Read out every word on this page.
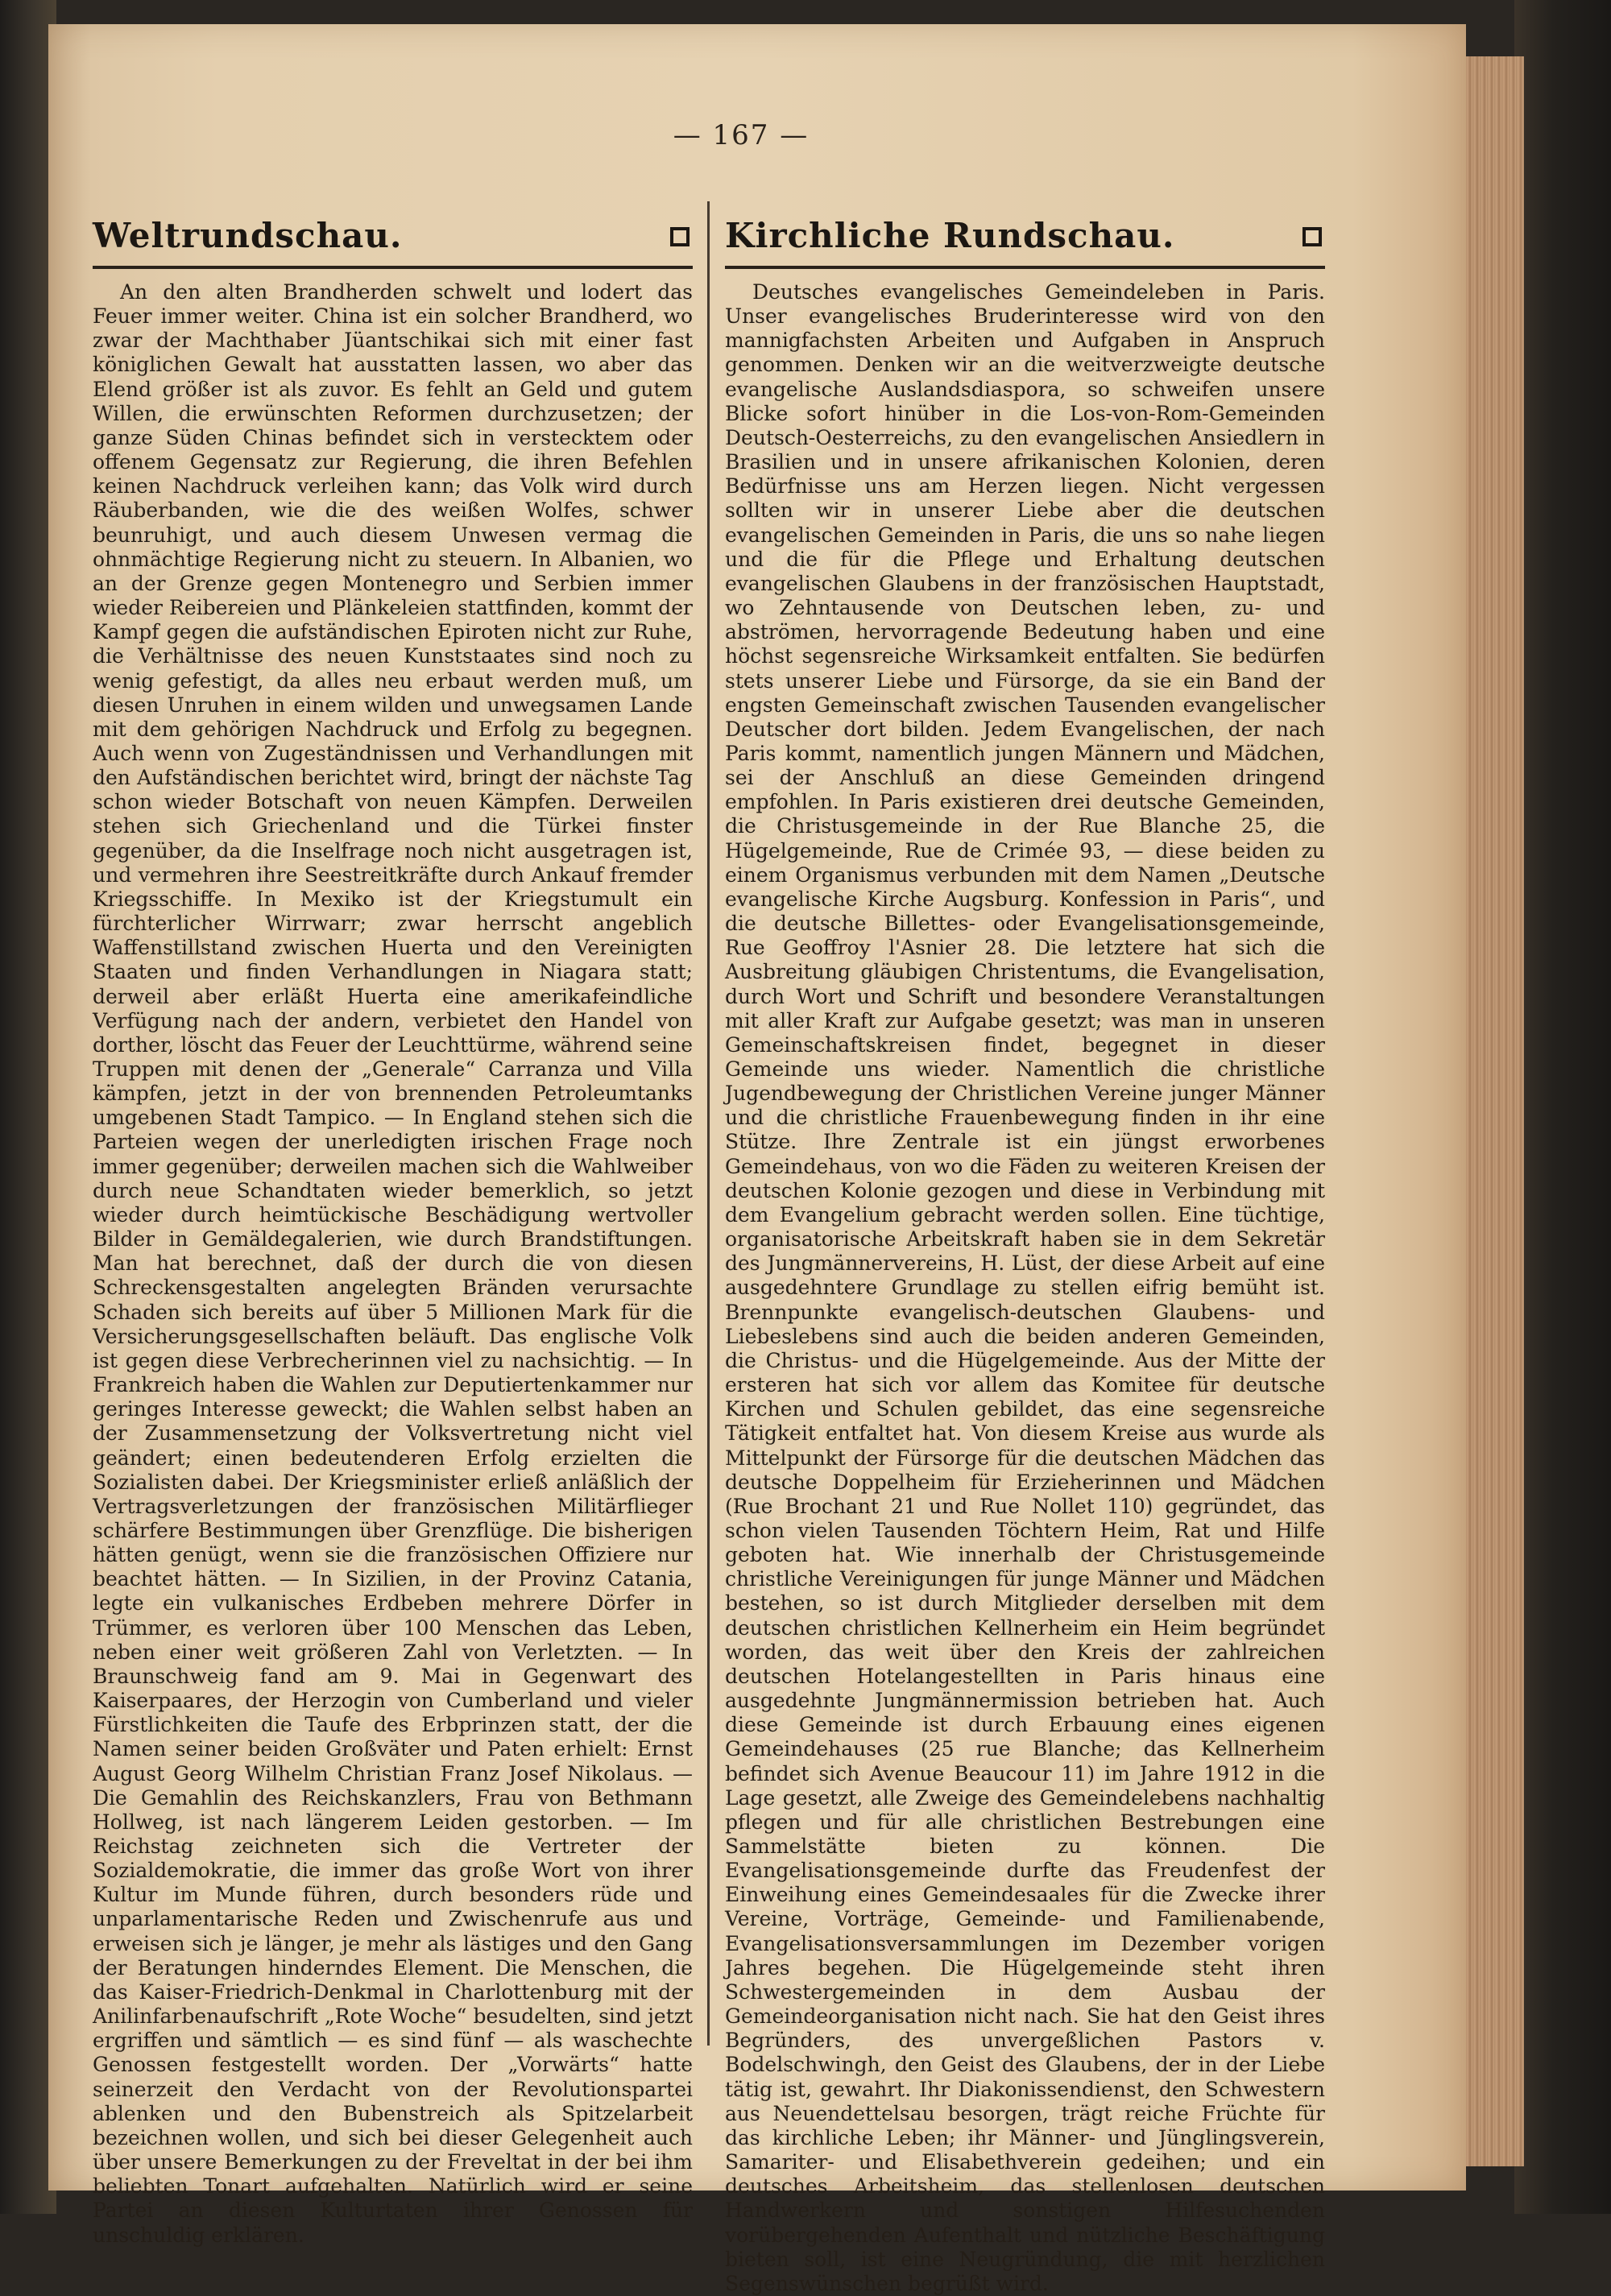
— 167 —
Weltrundschau.

An den alten Brandherden schwelt und lodert das Feuer immer weiter. China ist ein solcher Brandherd, wo zwar der Machthaber Jüantschikai sich mit einer fast königlichen Gewalt hat ausstatten lassen, wo aber das Elend größer ist als zuvor. Es fehlt an Geld und gutem Willen, die erwünschten Reformen durchzusetzen; der ganze Süden Chinas befindet sich in verstecktem oder offenem Gegensatz zur Regierung, die ihren Befehlen keinen Nachdruck verleihen kann; das Volk wird durch Räuberbanden, wie die des weißen Wolfes, schwer beunruhigt, und auch diesem Unwesen vermag die ohnmächtige Regierung nicht zu steuern. In Albanien, wo an der Grenze gegen Montenegro und Serbien immer wieder Reibereien und Plänkeleien stattfinden, kommt der Kampf gegen die aufständischen Epiroten nicht zur Ruhe, die Verhältnisse des neuen Kunststaates sind noch zu wenig gefestigt, da alles neu erbaut werden muß, um diesen Unruhen in einem wilden und unwegsamen Lande mit dem gehörigen Nachdruck und Erfolg zu begegnen. Auch wenn von Zugeständnissen und Verhandlungen mit den Aufständischen berichtet wird, bringt der nächste Tag schon wieder Botschaft von neuen Kämpfen. Derweilen stehen sich Griechenland und die Türkei finster gegenüber, da die Inselfrage noch nicht ausgetragen ist, und vermehren ihre Seestreitkräfte durch Ankauf fremder Kriegsschiffe. In Mexiko ist der Kriegstumult ein fürchterlicher Wirrwarr; zwar herrscht angeblich Waffenstillstand zwischen Huerta und den Vereinigten Staaten und finden Verhandlungen in Niagara statt; derweil aber erläßt Huerta eine amerikafeindliche Verfügung nach der andern, verbietet den Handel von dorther, löscht das Feuer der Leuchttürme, während seine Truppen mit denen der „Generale“ Carranza und Villa kämpfen, jetzt in der von brennenden Petroleumtanks umgebenen Stadt Tampico. — In England stehen sich die Parteien wegen der unerledigten irischen Frage noch immer gegenüber; derweilen machen sich die Wahlweiber durch neue Schandtaten wieder bemerklich, so jetzt wieder durch heimtückische Beschädigung wertvoller Bilder in Gemäldegalerien, wie durch Brandstiftungen. Man hat berechnet, daß der durch die von diesen Schreckensgestalten angelegten Bränden verursachte Schaden sich bereits auf über 5 Millionen Mark für die Versicherungsgesellschaften beläuft. Das englische Volk ist gegen diese Verbrecherinnen viel zu nachsichtig. — In Frankreich haben die Wahlen zur Deputiertenkammer nur geringes Interesse geweckt; die Wahlen selbst haben an der Zusammensetzung der Volksvertretung nicht viel geändert; einen bedeutenderen Erfolg erzielten die Sozialisten dabei. Der Kriegsminister erließ anläßlich der Vertragsverletzungen der französischen Militärflieger schärfere Bestimmungen über Grenzflüge. Die bisherigen hätten genügt, wenn sie die französischen Offiziere nur beachtet hätten. — In Sizilien, in der Provinz Catania, legte ein vulkanisches Erdbeben mehrere Dörfer in Trümmer, es verloren über 100 Menschen das Leben, neben einer weit größeren Zahl von Verletzten. — In Braunschweig fand am 9. Mai in Gegenwart des Kaiserpaares, der Herzogin von Cumberland und vieler Fürstlichkeiten die Taufe des Erbprinzen statt, der die Namen seiner beiden Großväter und Paten erhielt: Ernst August Georg Wilhelm Christian Franz Josef Nikolaus. — Die Gemahlin des Reichskanzlers, Frau von Bethmann Hollweg, ist nach längerem Leiden gestorben. — Im Reichstag zeichneten sich die Vertreter der Sozialdemokratie, die immer das große Wort von ihrer Kultur im Munde führen, durch besonders rüde und unparlamentarische Reden und Zwischenrufe aus und erweisen sich je länger, je mehr als lästiges und den Gang der Beratungen hinderndes Element. Die Menschen, die das Kaiser-Friedrich-Denkmal in Charlottenburg mit der Anilinfarbenaufschrift „Rote Woche“ besudelten, sind jetzt ergriffen und sämtlich — es sind fünf — als waschechte Genossen festgestellt worden. Der „Vorwärts“ hatte seinerzeit den Verdacht von der Revolutionspartei ablenken und den Bubenstreich als Spitzelarbeit bezeichnen wollen, und sich bei dieser Gelegenheit auch über unsere Bemerkungen zu der Freveltat in der bei ihm beliebten Tonart aufgehalten. Natürlich wird er seine Partei an diesen Kulturtaten ihrer Genossen für unschuldig erklären.

Kirchliche Rundschau.

Deutsches evangelisches Gemeindeleben in Paris. Unser evangelisches Bruderinteresse wird von den mannigfachsten Arbeiten und Aufgaben in Anspruch genommen. Denken wir an die weitverzweigte deutsche evangelische Auslandsdiaspora, so schweifen unsere Blicke sofort hinüber in die Los-von-Rom-Gemeinden Deutsch-Oesterreichs, zu den evangelischen Ansiedlern in Brasilien und in unsere afrikanischen Kolonien, deren Bedürfnisse uns am Herzen liegen. Nicht vergessen sollten wir in unserer Liebe aber die deutschen evangelischen Gemeinden in Paris, die uns so nahe liegen und die für die Pflege und Erhaltung deutschen evangelischen Glaubens in der französischen Hauptstadt, wo Zehntausende von Deutschen leben, zu- und abströmen, hervorragende Bedeutung haben und eine höchst segensreiche Wirksamkeit entfalten. Sie bedürfen stets unserer Liebe und Fürsorge, da sie ein Band der engsten Gemeinschaft zwischen Tausenden evangelischer Deutscher dort bilden. Jedem Evangelischen, der nach Paris kommt, namentlich jungen Männern und Mädchen, sei der Anschluß an diese Gemeinden dringend empfohlen. In Paris existieren drei deutsche Gemeinden, die Christusgemeinde in der Rue Blanche 25, die Hügelgemeinde, Rue de Crimée 93, — diese beiden zu einem Organismus verbunden mit dem Namen „Deutsche evangelische Kirche Augsburg. Konfession in Paris“, und die deutsche Billettes- oder Evangelisationsgemeinde, Rue Geoffroy l'Asnier 28. Die letztere hat sich die Ausbreitung gläubigen Christentums, die Evangelisation, durch Wort und Schrift und besondere Veranstaltungen mit aller Kraft zur Aufgabe gesetzt; was man in unseren Gemeinschaftskreisen findet, begegnet in dieser Gemeinde uns wieder. Namentlich die christliche Jugendbewegung der Christlichen Vereine junger Männer und die christliche Frauenbewegung finden in ihr eine Stütze. Ihre Zentrale ist ein jüngst erworbenes Gemeindehaus, von wo die Fäden zu weiteren Kreisen der deutschen Kolonie gezogen und diese in Verbindung mit dem Evangelium gebracht werden sollen. Eine tüchtige, organisatorische Arbeitskraft haben sie in dem Sekretär des Jungmännervereins, H. Lüst, der diese Arbeit auf eine ausgedehntere Grundlage zu stellen eifrig bemüht ist. Brennpunkte evangelisch-deutschen Glaubens- und Liebeslebens sind auch die beiden anderen Gemeinden, die Christus- und die Hügelgemeinde. Aus der Mitte der ersteren hat sich vor allem das Komitee für deutsche Kirchen und Schulen gebildet, das eine segensreiche Tätigkeit entfaltet hat. Von diesem Kreise aus wurde als Mittelpunkt der Fürsorge für die deutschen Mädchen das deutsche Doppelheim für Erzieherinnen und Mädchen (Rue Brochant 21 und Rue Nollet 110) gegründet, das schon vielen Tausenden Töchtern Heim, Rat und Hilfe geboten hat. Wie innerhalb der Christusgemeinde christliche Vereinigungen für junge Männer und Mädchen bestehen, so ist durch Mitglieder derselben mit dem deutschen christlichen Kellnerheim ein Heim begründet worden, das weit über den Kreis der zahlreichen deutschen Hotelangestellten in Paris hinaus eine ausgedehnte Jungmännermission betrieben hat. Auch diese Gemeinde ist durch Erbauung eines eigenen Gemeindehauses (25 rue Blanche; das Kellnerheim befindet sich Avenue Beaucour 11) im Jahre 1912 in die Lage gesetzt, alle Zweige des Gemeindelebens nachhaltig pflegen und für alle christlichen Bestrebungen eine Sammelstätte bieten zu können. Die Evangelisationsgemeinde durfte das Freudenfest der Einweihung eines Gemeindesaales für die Zwecke ihrer Vereine, Vorträge, Gemeinde- und Familienabende, Evangelisationsversammlungen im Dezember vorigen Jahres begehen. Die Hügelgemeinde steht ihren Schwestergemeinden in dem Ausbau der Gemeindeorganisation nicht nach. Sie hat den Geist ihres Begründers, des unvergeßlichen Pastors v. Bodelschwingh, den Geist des Glaubens, der in der Liebe tätig ist, gewahrt. Ihr Diakonissendienst, den Schwestern aus Neuendettelsau besorgen, trägt reiche Früchte für das kirchliche Leben; ihr Männer- und Jünglingsverein, Samariter- und Elisabethverein gedeihen; und ein deutsches Arbeitsheim, das stellenlosen deutschen Handwerkern und sonstigen Hilfesuchenden vorübergehenden Aufenthalt und nützliche Beschäftigung bieten soll, ist eine Neugründung, die mit herzlichen Segenswünschen begrüßt wird.
